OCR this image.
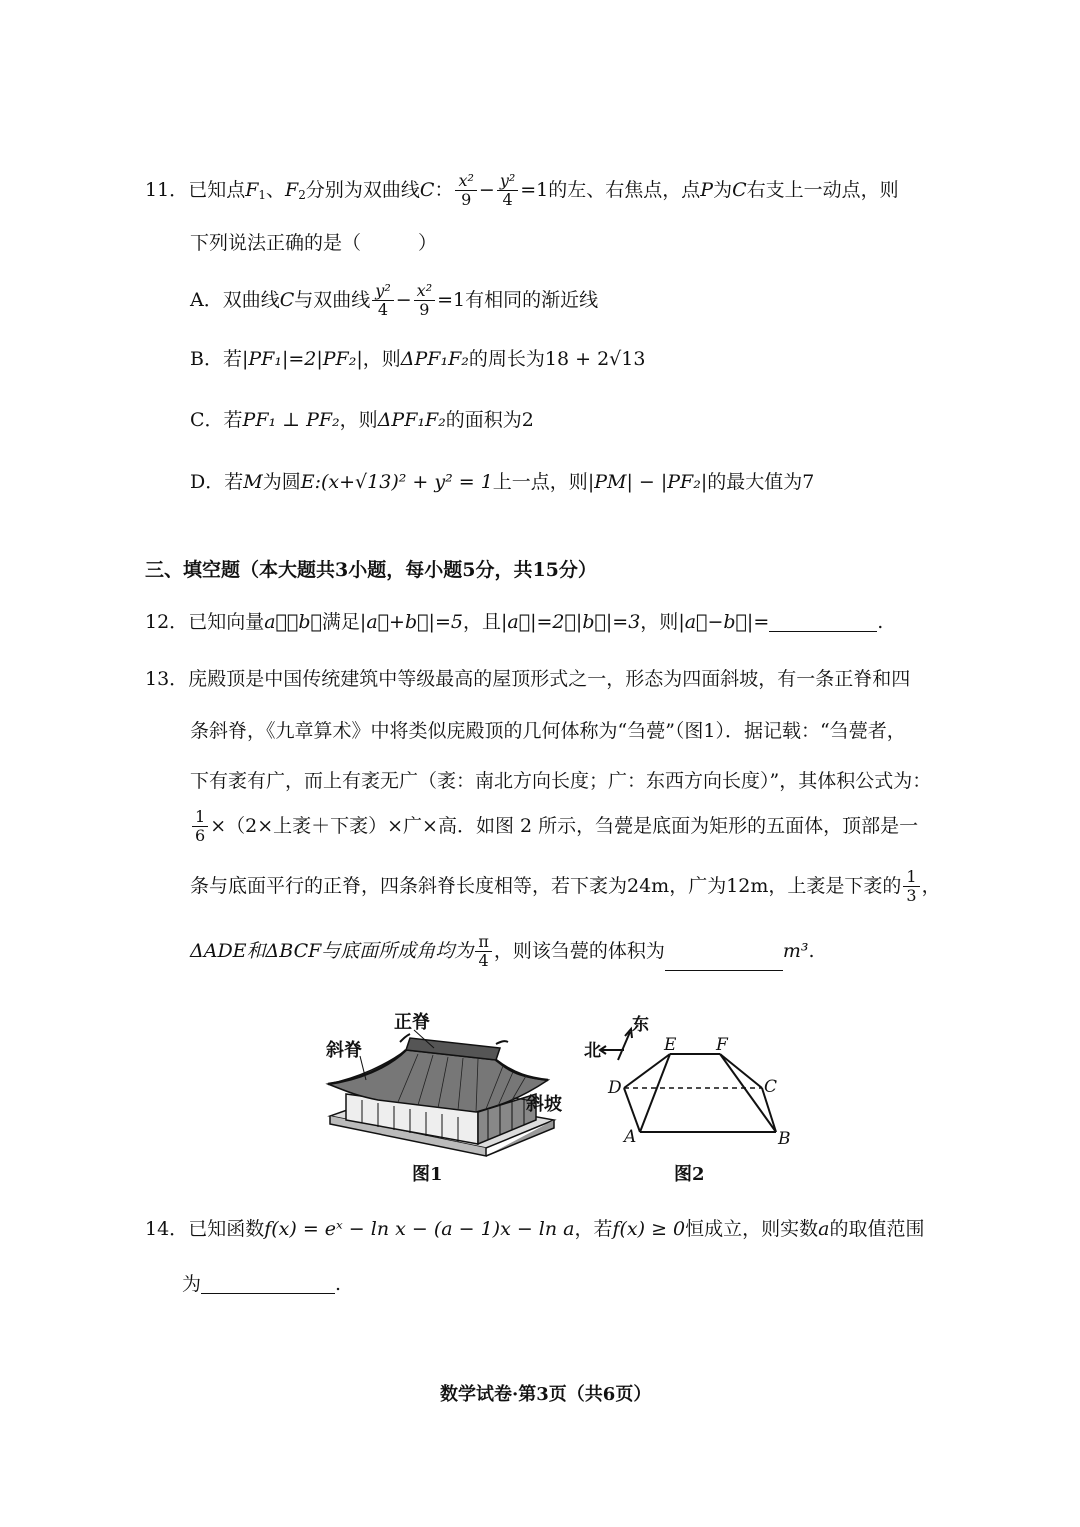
11．已知点$F_1$、$F_2$分别为双曲线C： $\frac{\text{x²}}{9} - \frac{\text{y²}}{4} =1$的左、右焦点，点P为C右支上一动点，则
下列说法正确的是（　　　）
A．双曲线C与双曲线 $\frac{\text{y²}}{4} - \frac{\text{x²}}{9} =1$有相同的渐近线
B．若|PF₁|=2|PF₂|，则ΔPF₁F₂的周长为18 + 2√13
C．若PF₁ ⊥ PF₂，则ΔPF₁F₂的面积为2
D．若M为圆E:(x+√13)² + y² = 1上一点，则|PM| − |PF₂|的最大值为7
三、填空题（本大题共3小题，每小题5分，共15分）
12．已知向量a⃗，b⃗满足|a⃗+b⃗|=5，且|a⃗|=2，|b⃗|=3，则|a⃗−b⃗|=	.
13．庑殿顶是中国传统建筑中等级最高的屋顶形式之一，形态为四面斜坡，有一条正脊和四
条斜脊，《九章算术》中将类似庑殿顶的几何体称为“刍甍”（图1）．据记载：“刍甍者，
下有袤有广，而上有袤无广（袤：南北方向长度；广：东西方向长度）”，其体积公式为：
$\frac{1}{6} \times(2\times$上袤＋下袤）×广×高．如图 2 所示，刍甍是底面为矩形的五面体，顶部是一
条与底面平行的正脊，四条斜脊长度相等，若下袤为24m，广为12m，上袤是下袤的 $\frac{1}{3}$ ，
ΔADE和ΔBCF与底面所成角均为 $\frac{\pi}{4}$ ，则该刍甍的体积为	m³.
正脊
斜脊
斜坡
图1
北
东
E F
D	C
A	B
图2
14．已知函数f(x) = eˣ − ln x − (a − 1)x − ln a，若f(x) ≥ 0恒成立，则实数a的取值范围
为	.
数学试卷·第3页（共6页）
